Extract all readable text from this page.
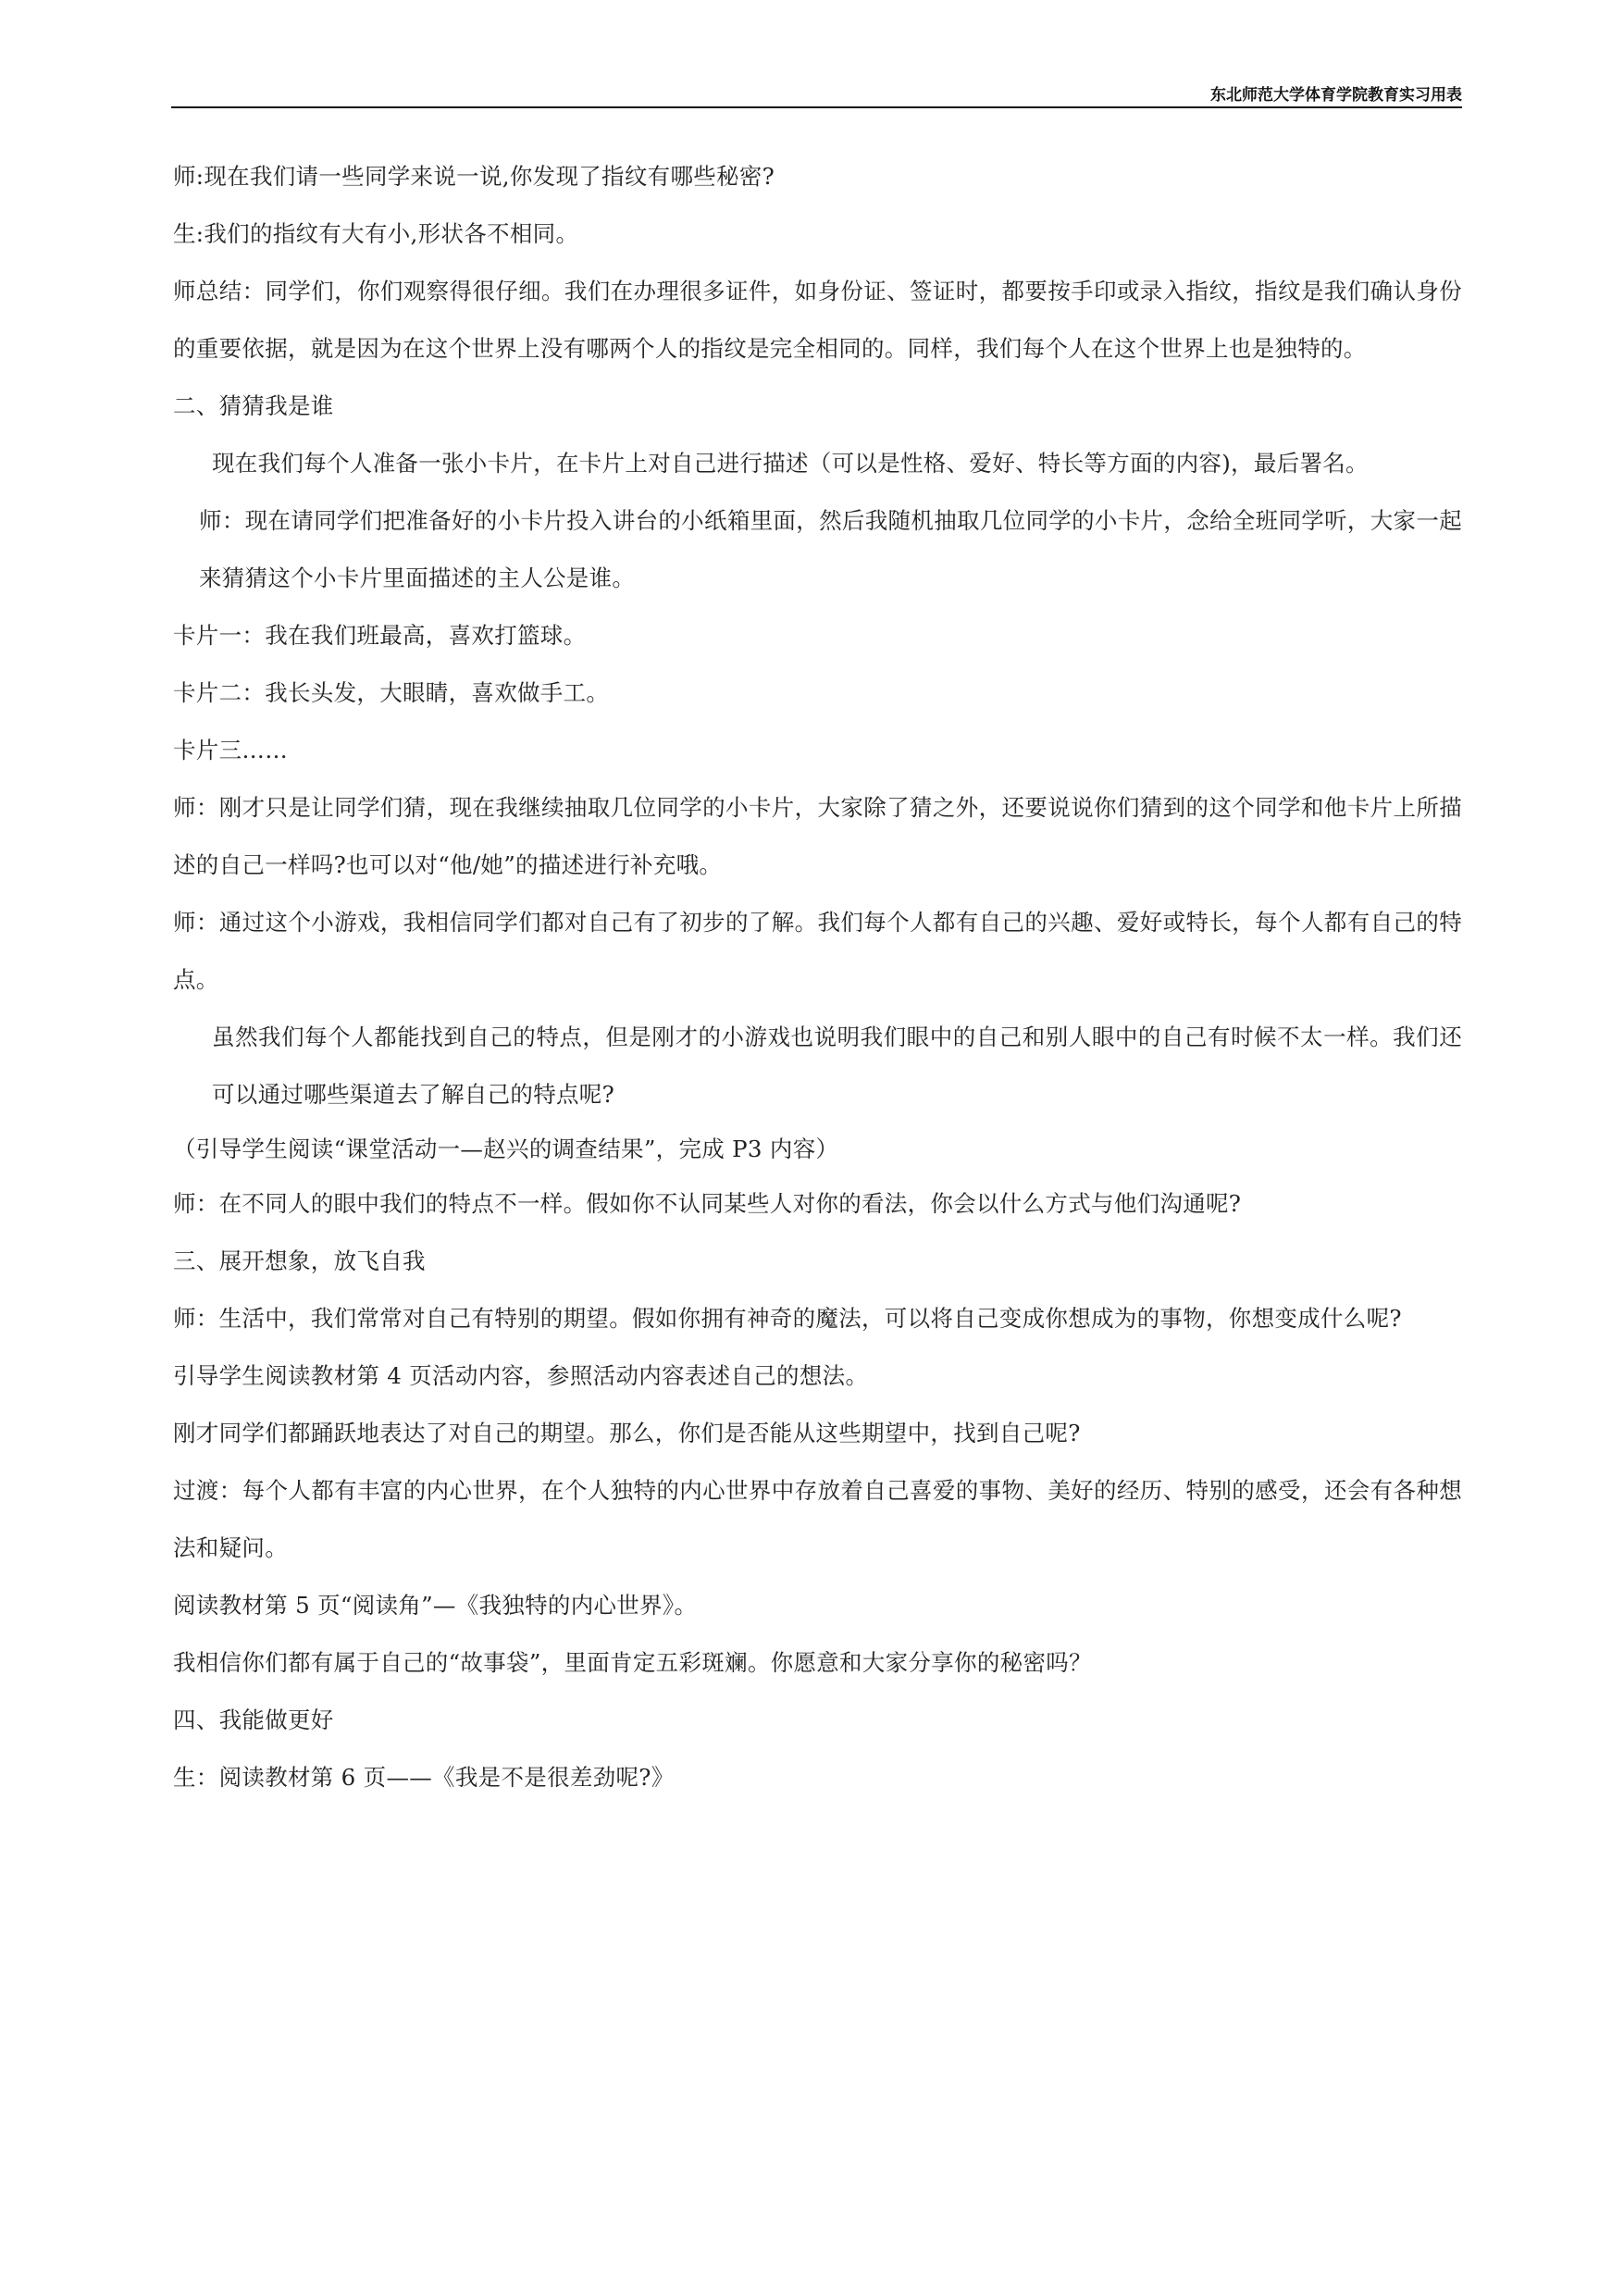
东北师范大学体育学院教育实习用表

师:现在我们请一些同学来说一说,你发现了指纹有哪些秘密?

生:我们的指纹有大有小,形状各不相同。

师总结：同学们，你们观察得很仔细。我们在办理很多证件，如身份证、签证时，都要按手印或录入指纹，指纹是我们确认身份的重要依据，就是因为在这个世界上没有哪两个人的指纹是完全相同的。同样，我们每个人在这个世界上也是独特的。

二、猜猜我是谁

现在我们每个人准备一张小卡片，在卡片上对自己进行描述（可以是性格、爱好、特长等方面的内容)，最后署名。

师：现在请同学们把准备好的小卡片投入讲台的小纸箱里面，然后我随机抽取几位同学的小卡片，念给全班同学听，大家一起来猜猜这个小卡片里面描述的主人公是谁。

卡片一：我在我们班最高，喜欢打篮球。

卡片二：我长头发，大眼睛，喜欢做手工。

卡片三……

师：刚才只是让同学们猜，现在我继续抽取几位同学的小卡片，大家除了猜之外，还要说说你们猜到的这个同学和他卡片上所描述的自己一样吗?也可以对“他/她”的描述进行补充哦。

师：通过这个小游戏，我相信同学们都对自己有了初步的了解。我们每个人都有自己的兴趣、爱好或特长，每个人都有自己的特点。

虽然我们每个人都能找到自己的特点，但是刚才的小游戏也说明我们眼中的自己和别人眼中的自己有时候不太一样。我们还可以通过哪些渠道去了解自己的特点呢?

（引导学生阅读“课堂活动一—赵兴的调查结果”，完成 P3 内容）

师：在不同人的眼中我们的特点不一样。假如你不认同某些人对你的看法，你会以什么方式与他们沟通呢?

三、展开想象，放飞自我

师：生活中，我们常常对自己有特别的期望。假如你拥有神奇的魔法，可以将自己变成你想成为的事物，你想变成什么呢?

引导学生阅读教材第 4 页活动内容，参照活动内容表述自己的想法。

刚才同学们都踊跃地表达了对自己的期望。那么，你们是否能从这些期望中，找到自己呢?

过渡：每个人都有丰富的内心世界，在个人独特的内心世界中存放着自己喜爱的事物、美好的经历、特别的感受，还会有各种想法和疑问。

阅读教材第 5 页“阅读角”—《我独特的内心世界》。

我相信你们都有属于自己的“故事袋”，里面肯定五彩斑斓。你愿意和大家分享你的秘密吗？

四、我能做更好

生：阅读教材第 6 页——《我是不是很差劲呢?》
